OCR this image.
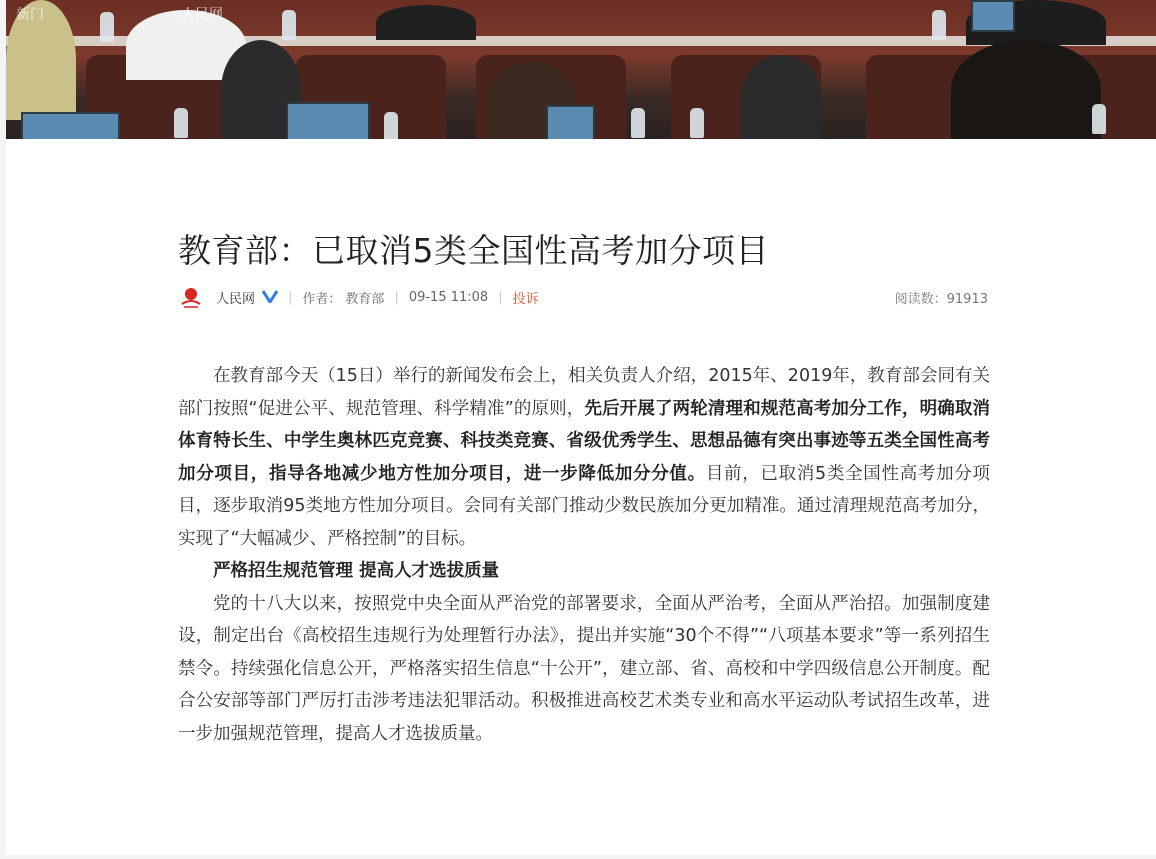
新门	人民网
教育部：已取消5类全国性高考加分项目
人民网	| 作者： 教育部 | 09-15 11:08 | 投诉	阅读数：91913

在教育部今天（15日）举行的新闻发布会上，相关负责人介绍，2015年、2019年，教育部会同有关部门按照“促进公平、规范管理、科学精准”的原则，先后开展了两轮清理和规范高考加分工作，明确取消体育特长生、中学生奥林匹克竞赛、科技类竞赛、省级优秀学生、思想品德有突出事迹等五类全国性高考加分项目，指导各地减少地方性加分项目，进一步降低加分分值。目前，已取消5类全国性高考加分项目，逐步取消95类地方性加分项目。会同有关部门推动少数民族加分更加精准。通过清理规范高考加分，实现了“大幅减少、严格控制”的目标。

严格招生规范管理 提高人才选拔质量

党的十八大以来，按照党中央全面从严治党的部署要求，全面从严治考，全面从严治招。加强制度建设，制定出台《高校招生违规行为处理暂行办法》，提出并实施“30个不得”“八项基本要求”等一系列招生禁令。持续强化信息公开，严格落实招生信息“十公开”，建立部、省、高校和中学四级信息公开制度。配合公安部等部门严厉打击涉考违法犯罪活动。积极推进高校艺术类专业和高水平运动队考试招生改革，进一步加强规范管理，提高人才选拔质量。
